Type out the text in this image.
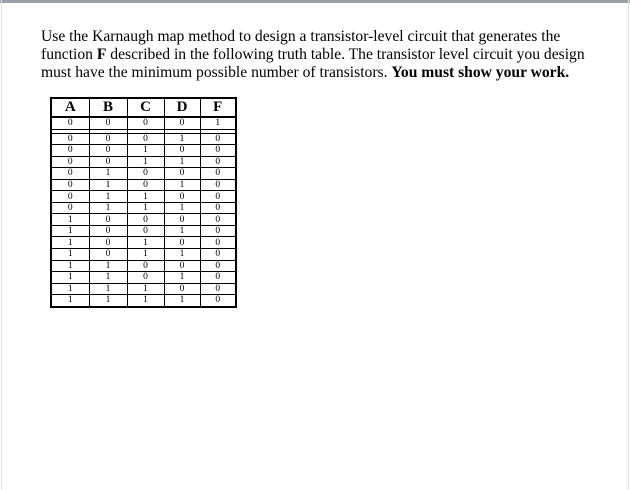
Use the Karnaugh map method to design a transistor-level circuit that generates the
function F described in the following truth table. The transistor level circuit you design
must have the minimum possible number of transistors. You must show your work.

A	B	C	D	F
0	0	0	0	1

0	0	0	1	0
0	0	1	0	0
0	0	1	1	0
0	1	0	0	0
0	1	0	1	0
0	1	1	0	0
0	1	1	1	0
1	0	0	0	0
1	0	0	1	0
1	0	1	0	0
1	0	1	1	0
1	1	0	0	0
1	1	0	1	0
1	1	1	0	0
1	1	1	1	0
